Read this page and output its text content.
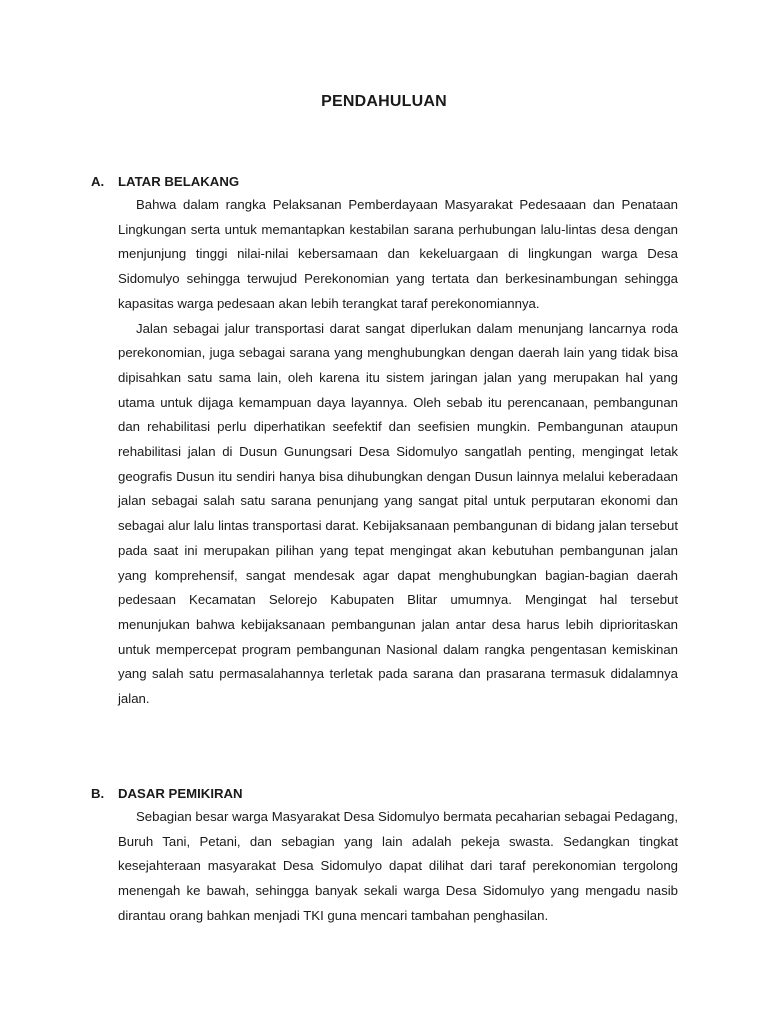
PENDAHULUAN
A. LATAR BELAKANG

Bahwa dalam rangka Pelaksanan Pemberdayaan Masyarakat Pedesaaan dan Penataan Lingkungan serta untuk memantapkan kestabilan sarana perhubungan lalu-lintas desa dengan menjunjung tinggi nilai-nilai kebersamaan dan kekeluargaan di lingkungan warga Desa Sidomulyo sehingga terwujud Perekonomian yang tertata dan berkesinambungan sehingga kapasitas warga pedesaan akan lebih terangkat taraf perekonomiannya.

Jalan sebagai jalur transportasi darat sangat diperlukan dalam menunjang lancarnya roda perekonomian, juga sebagai sarana yang menghubungkan dengan daerah lain yang tidak bisa dipisahkan satu sama lain, oleh karena itu sistem jaringan jalan yang merupakan hal yang utama untuk dijaga kemampuan daya layannya. Oleh sebab itu perencanaan, pembangunan dan rehabilitasi perlu diperhatikan seefektif dan seefisien mungkin. Pembangunan ataupun rehabilitasi jalan di Dusun Gunungsari Desa Sidomulyo sangatlah penting, mengingat letak geografis Dusun itu sendiri hanya bisa dihubungkan dengan Dusun lainnya melalui keberadaan jalan sebagai salah satu sarana penunjang yang sangat pital untuk perputaran ekonomi dan sebagai alur lalu lintas transportasi darat. Kebijaksanaan pembangunan di bidang jalan tersebut pada saat ini merupakan pilihan yang tepat mengingat akan kebutuhan pembangunan jalan yang komprehensif, sangat mendesak agar dapat menghubungkan bagian-bagian daerah pedesaan Kecamatan Selorejo Kabupaten Blitar umumnya. Mengingat hal tersebut menunjukan bahwa kebijaksanaan pembangunan jalan antar desa harus lebih diprioritaskan untuk mempercepat program pembangunan Nasional dalam rangka pengentasan kemiskinan yang salah satu permasalahannya terletak pada sarana dan prasarana termasuk didalamnya jalan.

B. DASAR PEMIKIRAN

Sebagian besar warga Masyarakat Desa Sidomulyo bermata pecaharian sebagai Pedagang, Buruh Tani, Petani, dan sebagian yang lain adalah pekeja swasta. Sedangkan tingkat kesejahteraan masyarakat Desa Sidomulyo dapat dilihat dari taraf perekonomian tergolong menengah ke bawah, sehingga banyak sekali warga Desa Sidomulyo yang mengadu nasib dirantau orang bahkan menjadi TKI guna mencari tambahan penghasilan.
